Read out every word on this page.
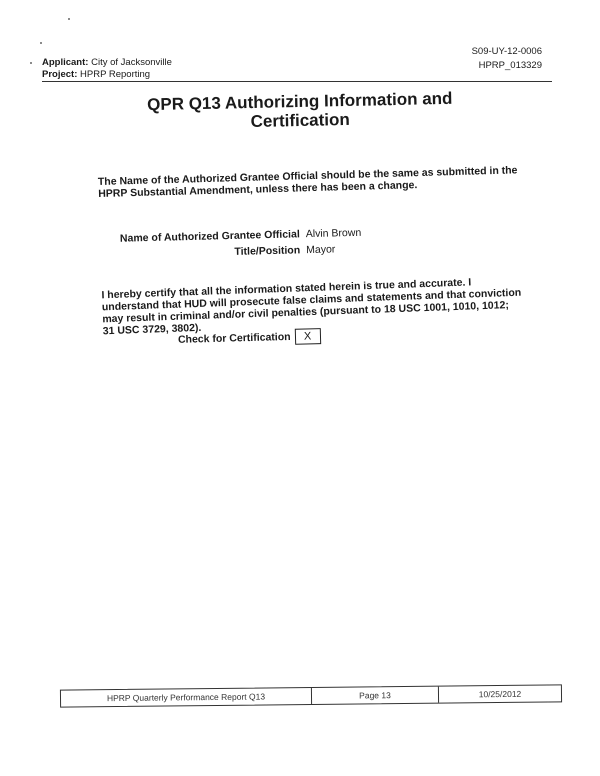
Applicant: City of Jacksonville
Project: HPRP Reporting
S09-UY-12-0006
HPRP_013329
QPR Q13 Authorizing Information and
Certification
The Name of the Authorized Grantee Official should be the same as submitted in the HPRP Substantial Amendment, unless there has been a change.
Name of Authorized Grantee Official Alvin Brown
Title/Position Mayor
I hereby certify that all the information stated herein is true and accurate. I understand that HUD will prosecute false claims and statements and that conviction may result in criminal and/or civil penalties (pursuant to 18 USC 1001, 1010, 1012; 31 USC 3729, 3802).
Check for Certification	X
HPRP Quarterly Performance Report Q13	Page 13	10/25/2012
